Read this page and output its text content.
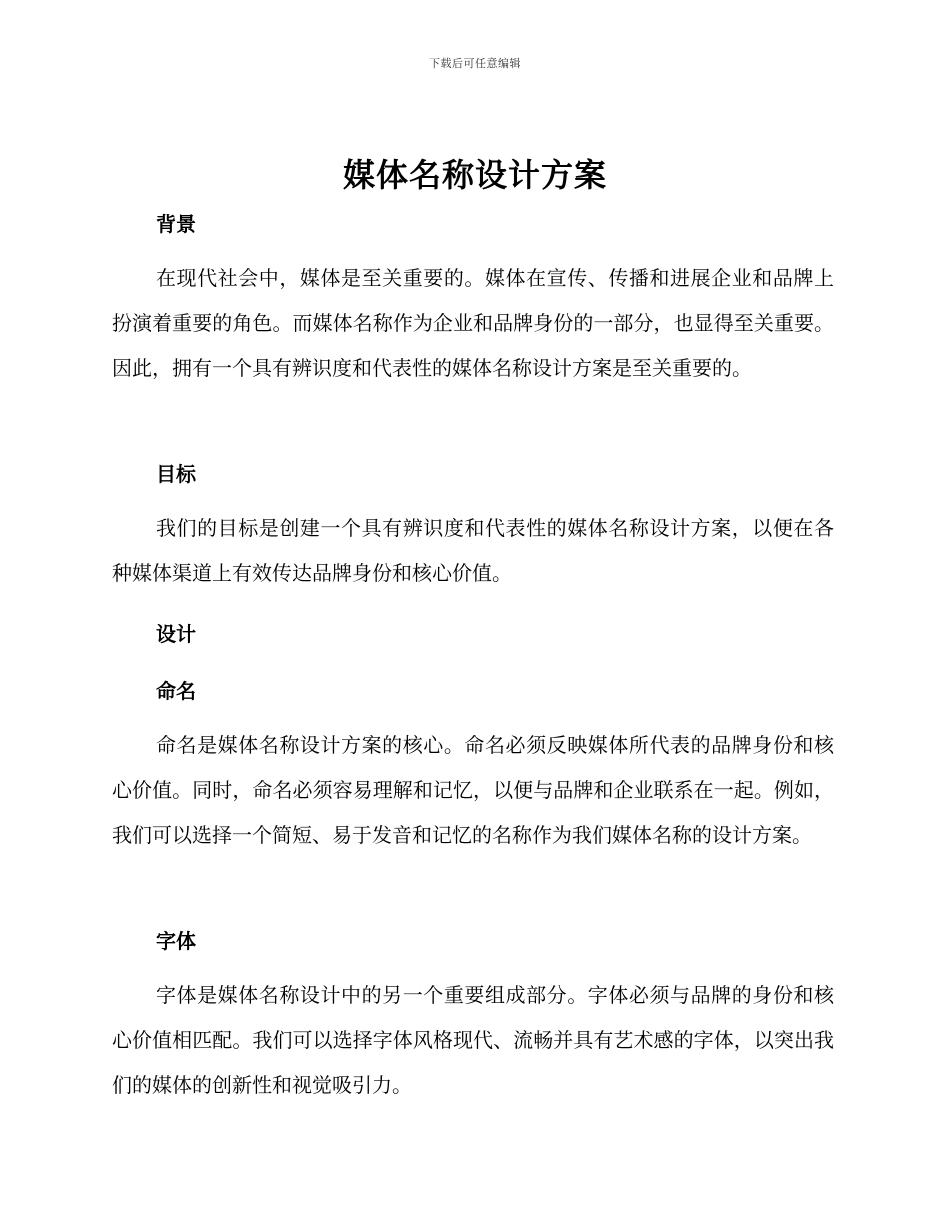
下载后可任意编辑
媒体名称设计方案
背景

在现代社会中，媒体是至关重要的。媒体在宣传、传播和进展企业和品牌上扮演着重要的角色。而媒体名称作为企业和品牌身份的一部分，也显得至关重要。因此，拥有一个具有辨识度和代表性的媒体名称设计方案是至关重要的。

目标

我们的目标是创建一个具有辨识度和代表性的媒体名称设计方案，以便在各种媒体渠道上有效传达品牌身份和核心价值。

设计
命名

命名是媒体名称设计方案的核心。命名必须反映媒体所代表的品牌身份和核心价值。同时，命名必须容易理解和记忆，以便与品牌和企业联系在一起。例如，我们可以选择一个简短、易于发音和记忆的名称作为我们媒体名称的设计方案。

字体

字体是媒体名称设计中的另一个重要组成部分。字体必须与品牌的身份和核心价值相匹配。我们可以选择字体风格现代、流畅并具有艺术感的字体，以突出我们的媒体的创新性和视觉吸引力。
